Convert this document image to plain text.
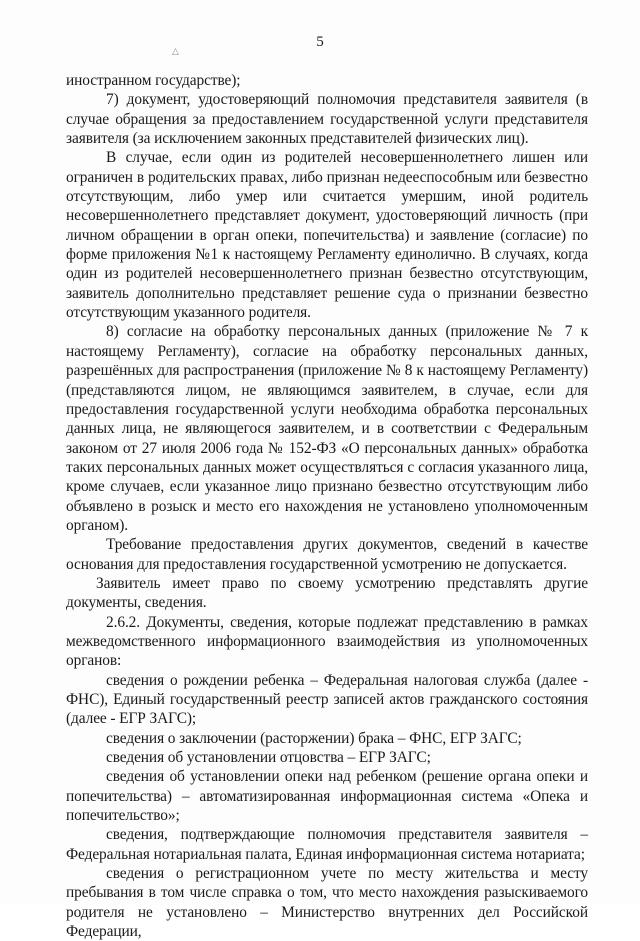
5
△

иностранном государстве);

7) документ, удостоверяющий полномочия представителя заявителя (в случае обращения за предоставлением государственной услуги представителя заявителя (за исключением законных представителей физических лиц).

В случае, если один из родителей несовершеннолетнего лишен или ограничен в родительских правах, либо признан недееспособным или безвестно отсутствующим, либо умер или считается умершим, иной родитель несовершеннолетнего представляет документ, удостоверяющий личность (при личном обращении в орган опеки, попечительства) и заявление (согласие) по форме приложения №1 к настоящему Регламенту единолично. В случаях, когда один из родителей несовершеннолетнего признан безвестно отсутствующим, заявитель дополнительно представляет решение суда о признании безвестно отсутствующим указанного родителя.

8) согласие на обработку персональных данных (приложение № 7 к настоящему Регламенту), согласие на обработку персональных данных, разрешённых для распространения (приложение № 8 к настоящему Регламенту) (представляются лицом, не являющимся заявителем, в случае, если для предоставления государственной услуги необходима обработка персональных данных лица, не являющегося заявителем, и в соответствии с Федеральным законом от 27 июля 2006 года № 152-ФЗ «О персональных данных» обработка таких персональных данных может осуществляться с согласия указанного лица, кроме случаев, если указанное лицо признано безвестно отсутствующим либо объявлено в розыск и место его нахождения не установлено уполномоченным органом).

Требование предоставления других документов, сведений в качестве основания для предоставления государственной усмотрению не допускается.

Заявитель имеет право по своему усмотрению представлять другие документы, сведения.

2.6.2. Документы, сведения, которые подлежат представлению в рамках межведомственного информационного взаимодействия из уполномоченных органов:

сведения о рождении ребенка – Федеральная налоговая служба (далее - ФНС), Единый государственный реестр записей актов гражданского состояния (далее - ЕГР ЗАГС);

сведения о заключении (расторжении) брака – ФНС, ЕГР ЗАГС;

сведения об установлении отцовства – ЕГР ЗАГС;

сведения об установлении опеки над ребенком (решение органа опеки и попечительства) – автоматизированная информационная система «Опека и попечительство»;

сведения, подтверждающие полномочия представителя заявителя – Федеральная нотариальная палата, Единая информационная система нотариата;

сведения о регистрационном учете по месту жительства и месту пребывания в том числе справка о том, что место нахождения разыскиваемого родителя не установлено – Министерство внутренних дел Российской Федерации,
